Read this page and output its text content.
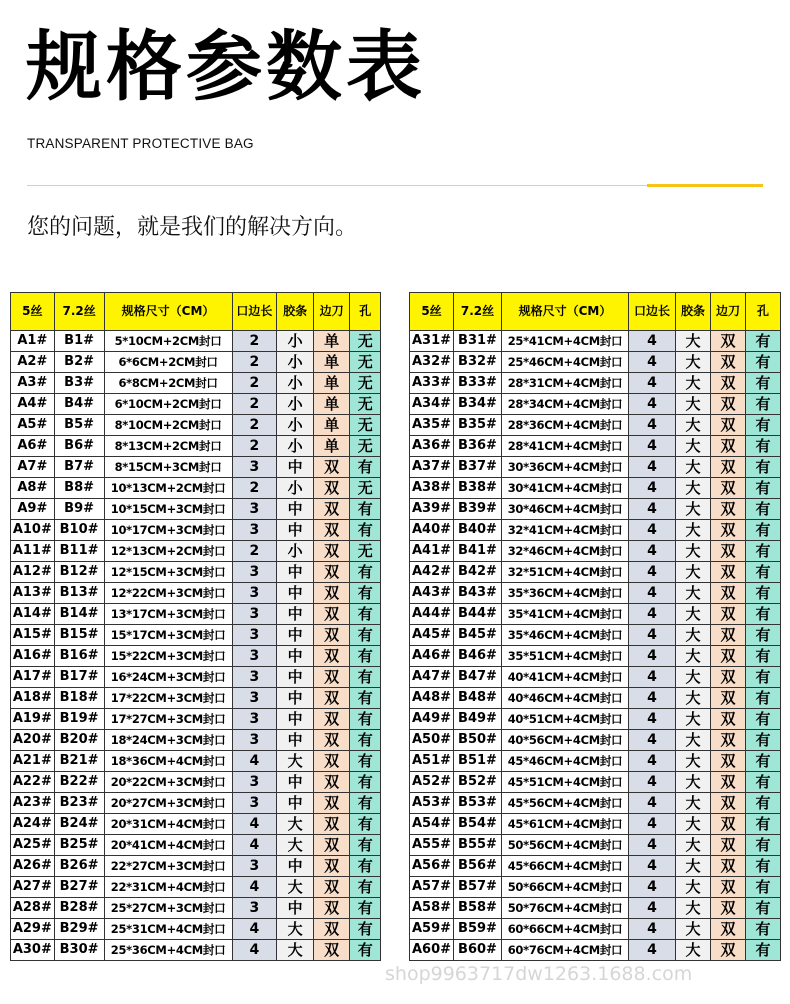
规格参数表
TRANSPARENT PROTECTIVE BAG
您的问题，就是我们的解决方向。
5丝	7.2丝	规格尺寸（CM）	口边长	胶条	边刀	孔
A1#	B1#	5*10CM+2CM封口	2	小	单	无
A2#	B2#	6*6CM+2CM封口	2	小	单	无
A3#	B3#	6*8CM+2CM封口	2	小	单	无
A4#	B4#	6*10CM+2CM封口	2	小	单	无
A5#	B5#	8*10CM+2CM封口	2	小	单	无
A6#	B6#	8*13CM+2CM封口	2	小	单	无
A7#	B7#	8*15CM+3CM封口	3	中	双	有
A8#	B8#	10*13CM+2CM封口	2	小	双	无
A9#	B9#	10*15CM+3CM封口	3	中	双	有
A10#	B10#	10*17CM+3CM封口	3	中	双	有
A11#	B11#	12*13CM+2CM封口	2	小	双	无
A12#	B12#	12*15CM+3CM封口	3	中	双	有
A13#	B13#	12*22CM+3CM封口	3	中	双	有
A14#	B14#	13*17CM+3CM封口	3	中	双	有
A15#	B15#	15*17CM+3CM封口	3	中	双	有
A16#	B16#	15*22CM+3CM封口	3	中	双	有
A17#	B17#	16*24CM+3CM封口	3	中	双	有
A18#	B18#	17*22CM+3CM封口	3	中	双	有
A19#	B19#	17*27CM+3CM封口	3	中	双	有
A20#	B20#	18*24CM+3CM封口	3	中	双	有
A21#	B21#	18*36CM+4CM封口	4	大	双	有
A22#	B22#	20*22CM+3CM封口	3	中	双	有
A23#	B23#	20*27CM+3CM封口	3	中	双	有
A24#	B24#	20*31CM+4CM封口	4	大	双	有
A25#	B25#	20*41CM+4CM封口	4	大	双	有
A26#	B26#	22*27CM+3CM封口	3	中	双	有
A27#	B27#	22*31CM+4CM封口	4	大	双	有
A28#	B28#	25*27CM+3CM封口	3	中	双	有
A29#	B29#	25*31CM+4CM封口	4	大	双	有
A30#	B30#	25*36CM+4CM封口	4	大	双	有
5丝	7.2丝	规格尺寸（CM）	口边长	胶条	边刀	孔
A31#	B31#	25*41CM+4CM封口	4	大	双	有
A32#	B32#	25*46CM+4CM封口	4	大	双	有
A33#	B33#	28*31CM+4CM封口	4	大	双	有
A34#	B34#	28*34CM+4CM封口	4	大	双	有
A35#	B35#	28*36CM+4CM封口	4	大	双	有
A36#	B36#	28*41CM+4CM封口	4	大	双	有
A37#	B37#	30*36CM+4CM封口	4	大	双	有
A38#	B38#	30*41CM+4CM封口	4	大	双	有
A39#	B39#	30*46CM+4CM封口	4	大	双	有
A40#	B40#	32*41CM+4CM封口	4	大	双	有
A41#	B41#	32*46CM+4CM封口	4	大	双	有
A42#	B42#	32*51CM+4CM封口	4	大	双	有
A43#	B43#	35*36CM+4CM封口	4	大	双	有
A44#	B44#	35*41CM+4CM封口	4	大	双	有
A45#	B45#	35*46CM+4CM封口	4	大	双	有
A46#	B46#	35*51CM+4CM封口	4	大	双	有
A47#	B47#	40*41CM+4CM封口	4	大	双	有
A48#	B48#	40*46CM+4CM封口	4	大	双	有
A49#	B49#	40*51CM+4CM封口	4	大	双	有
A50#	B50#	40*56CM+4CM封口	4	大	双	有
A51#	B51#	45*46CM+4CM封口	4	大	双	有
A52#	B52#	45*51CM+4CM封口	4	大	双	有
A53#	B53#	45*56CM+4CM封口	4	大	双	有
A54#	B54#	45*61CM+4CM封口	4	大	双	有
A55#	B55#	50*56CM+4CM封口	4	大	双	有
A56#	B56#	45*66CM+4CM封口	4	大	双	有
A57#	B57#	50*66CM+4CM封口	4	大	双	有
A58#	B58#	50*76CM+4CM封口	4	大	双	有
A59#	B59#	60*66CM+4CM封口	4	大	双	有
A60#	B60#	60*76CM+4CM封口	4	大	双	有
shop9963717dw1263.1688.com
